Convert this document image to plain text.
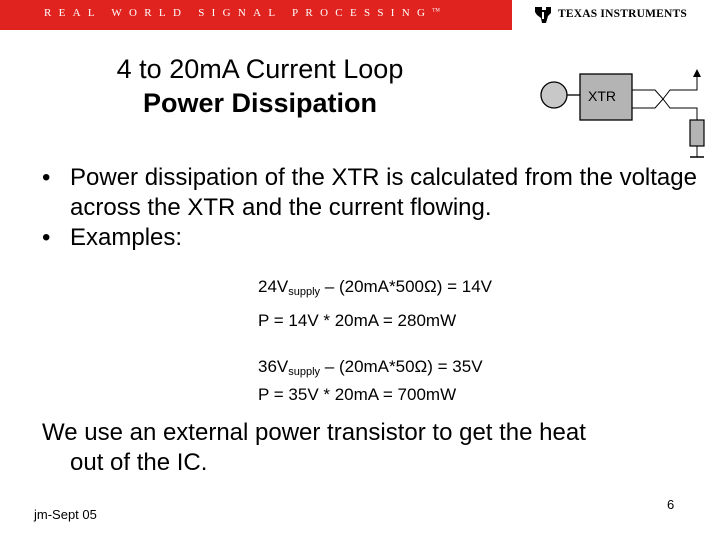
REAL WORLD SIGNAL PROCESSING™	TEXAS INSTRUMENTS
4 to 20mA Current Loop
Power Dissipation	XTR
• Power dissipation of the XTR is calculated from the voltage across the XTR and the current flowing.
• Examples:
$24V_{supply} - (20mA*500\Omega) = 14V$
P = 14V * 20mA = 280mW
$36V_{supply} - (20mA*50\Omega) = 35V$
P = 35V * 20mA = 700mW
We use an external power transistor to get the heat
out of the IC.
jm-Sept 05
6
